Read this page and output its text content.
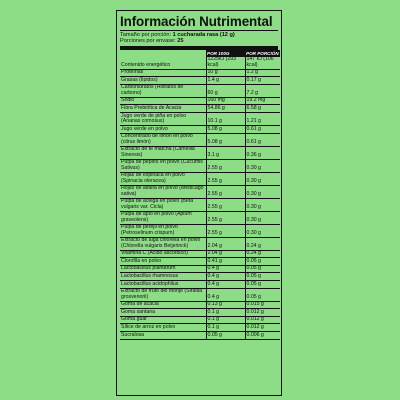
Información Nutrimental
Tamaño por porción: 1 cucharada rasa (12 g)
Porciones por envase: 25
	POR 100G	POR PORCIÓN
Contenido energético	1225kJ (293 kcal)	147 kJ (106 kcal)
Proteínas	10 g	1.2 g
Grasas (lípidos)	1.4 g	0.17 g
Carbohidratos (Hidratos de carbono)	60 g	7.2 g
Sodio	160 mg	19.2 mg
Fibra Prebiótica de Acacia	54.86 g	6.58 g
Jugo verde de piña en polvo (Ananas comosus)	10.1 g	1.21 g
Jugo verde en polvo	5.08 g	0.61 g
Concentrado de limón en polvo (citrus limón)	5.08 g	0.61 g
Extracto de té matcha (Camellia Sinensis)	3.1 g	0.36 g
Pulpa de pepino en polvo (Cucumis Sativus)	2.55 g	0.30 g
Hojas de espinaca en polvo (Spinacia oleracea)	2.55 g	0.30 g
Hojas de alfalfa en polvo (Medicago sativa)	2.55 g	0.30 g
Pulpa de acelga en polvo (Beta vulgaris var. Cicla)	2.55 g	0.30 g
Pulpa de apio en polvo (Apium graveolens)	2.55 g	0.30 g
Pulpa de perejil en polvo (Petroselinum crispum)	2.55 g	0.30 g
Extracto de alga chlorella en polvo (Chlorella vulgaris Beijerinck)	2.04 g	0.24 g
Vitamina C (Ácido ascórbico)	2.04 g	0.24 g
Clorofila en polvo	0.41 g	0.05 g
Lactobacillus plantarum	0.4 g	0.05 g
Lactobacillus rhamnosus	0.4 g	0.05 g
Lactobacillus acidophilus	0.4 g	0.05 g
Extracto de fruto del monje (Siraitia grosvenorii)	0.4 g	0.05 g
Goma de acacia	0.13 g	0.015 g
Goma xantana	0.1 g	0.012 g
Goma guar	0.1 g	0.012 g
Sílice de arroz en polvo	0.1 g	0.012 g
Sucralosa	0.05 g	0.006 g
